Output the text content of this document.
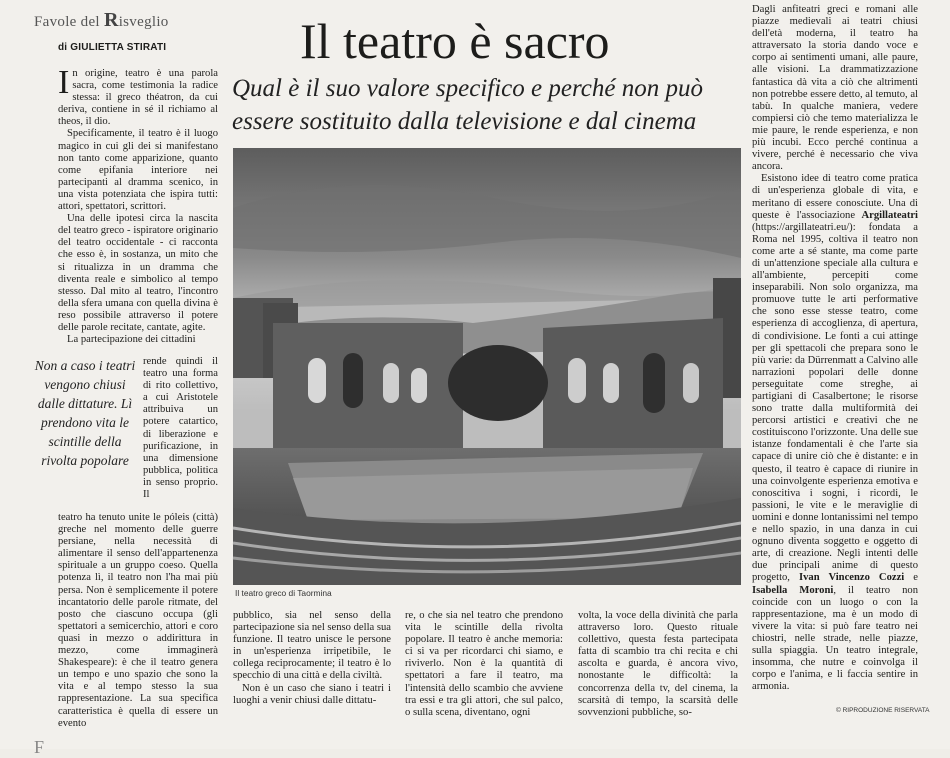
Favole del Risveglio
di GIULIETTA STIRATI	Il teatro è sacro
Qual è il suo valore specifico e perché non può essere sostituito dalla televisione e dal cinema

In origine, teatro è una parola sacra, come testimonia la radice stessa: il greco théatron, da cui deriva, contiene in sé il richiamo al theos, il dio.

Specificamente, il teatro è il luogo magico in cui gli dei si manifestano non tanto come apparizione, quanto come epifania interiore nei partecipanti al dramma scenico, in una vista potenziata che ispira tutti: attori, spettatori, scrittori.

Una delle ipotesi circa la nascita del teatro greco - ispiratore originario del teatro occidentale - ci racconta che esso è, in sostanza, un mito che si ritualizza in un dramma che diventa reale e simbolico al tempo stesso. Dal mito al teatro, l'incontro della sfera umana con quella divina è reso possibile attraverso il potere delle parole recitate, cantate, agite.

La partecipazione dei cittadini

Non a caso i teatri vengono chiusi dalle dittature. Lì prendono vita le scintille della rivolta popolare

rende quindi il teatro una forma di rito collettivo, a cui Aristotele attribuiva un potere catartico, di liberazione e purificazione, in una dimensione pubblica, politica in senso proprio. Il

teatro ha tenuto unite le póleis (città) greche nel momento delle guerre persiane, nella necessità di alimentare il senso dell'appartenenza spirituale a un gruppo coeso. Quella potenza lì, il teatro non l'ha mai più persa. Non è semplicemente il potere incantatorio delle parole ritmate, del posto che ciascuno occupa (gli spettatori a semicerchio, attori e coro quasi in mezzo o addirittura in mezzo, come immaginerà Shakespeare): è che il teatro genera un tempo e uno spazio che sono la vita e al tempo stesso la sua rappresentazione. La sua specifica caratteristica è quella di essere un evento

Il teatro greco di Taormina

pubblico, sia nel senso della partecipazione sia nel senso della sua funzione. Il teatro unisce le persone in un'esperienza irripetibile, le collega reciprocamente; il teatro è lo specchio di una città e della civiltà.

Non è un caso che siano i teatri i luoghi a venir chiusi dalle dittatu-

re, o che sia nel teatro che prendono vita le scintille della rivolta popolare. Il teatro è anche memoria: ci si va per ricordarci chi siamo, e riviverlo. Non è la quantità di spettatori a fare il teatro, ma l'intensità dello scambio che avviene tra essi e tra gli attori, che sul palco, o sulla scena, diventano, ogni

volta, la voce della divinità che parla attraverso loro. Questo rituale collettivo, questa festa partecipata fatta di scambio tra chi recita e chi ascolta e guarda, è ancora vivo, nonostante le difficoltà: la concorrenza della tv, del cinema, la scarsità di tempo, la scarsità delle sovvenzioni pubbliche, so-

Dagli anfiteatri greci e romani alle piazze medievali ai teatri chiusi dell'età moderna, il teatro ha attraversato la storia dando voce e corpo ai sentimenti umani, alle paure, alle visioni. La drammatizzazione fantastica dà vita a ciò che altrimenti non potrebbe essere detto, al temuto, al tabù. In qualche maniera, vedere compiersi ciò che temo materializza le mie paure, le rende esperienza, e non più incubi. Ecco perché continua a vivere, perché è necessario che viva ancora.

Esistono idee di teatro come pratica di un'esperienza globale di vita, e meritano di essere conosciute. Una di queste è l'associazione Argillateatri (https://argillateatri.eu/): fondata a Roma nel 1995, coltiva il teatro non come arte a sé stante, ma come parte di un'attenzione speciale alla cultura e all'ambiente, percepiti come inseparabili. Non solo organizza, ma promuove tutte le arti performative che sono esse stesse teatro, come esperienza di accoglienza, di apertura, di condivisione. Le fonti a cui attinge per gli spettacoli che prepara sono le più varie: da Dürrenmatt a Calvino alle narrazioni popolari delle donne perseguitate come streghe, ai partigiani di Casalbertone; le risorse sono tratte dalla multiformità dei percorsi artistici e creativi che ne costituiscono l'orizzonte. Una delle sue istanze fondamentali è che l'arte sia capace di unire ciò che è distante: e in questo, il teatro è capace di riunire in una coinvolgente esperienza emotiva e conoscitiva i sogni, i ricordi, le passioni, le vite e le meraviglie di uomini e donne lontanissimi nel tempo e nello spazio, in una danza in cui ognuno diventa soggetto e oggetto di arte, di creazione. Negli intenti delle due principali anime di questo progetto, Ivan Vincenzo Cozzi e Isabella Moroni, il teatro non coincide con un luogo o con la rappresentazione, ma è un modo di vivere la vita: si può fare teatro nei chiostri, nelle strade, nelle piazze, sulla spiaggia. Un teatro integrale, insomma, che nutre e coinvolga il corpo e l'anima, e li faccia sentire in armonia.

© RIPRODUZIONE RISERVATA
F
